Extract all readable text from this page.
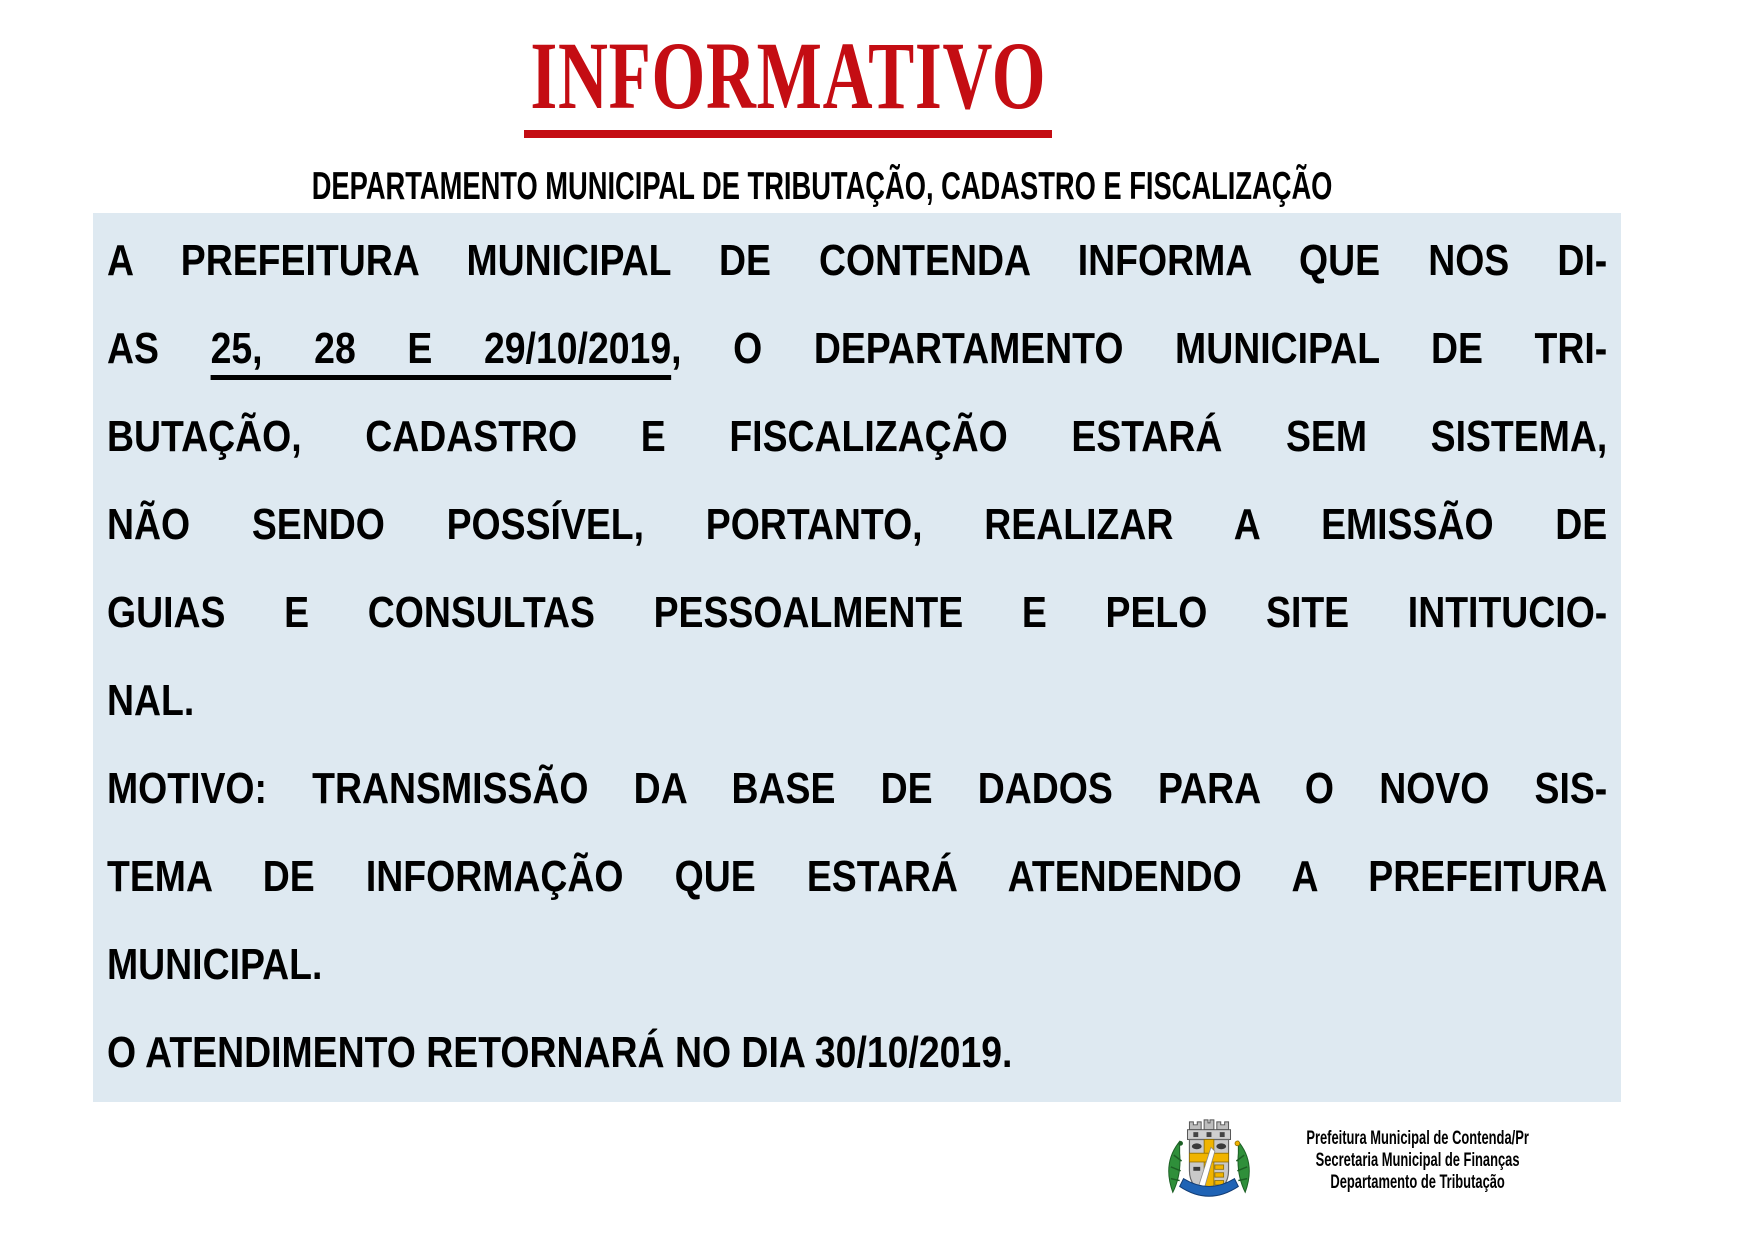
INFORMATIVO

DEPARTAMENTO MUNICIPAL DE TRIBUTAÇÃO, CADASTRO E FISCALIZAÇÃO

A PREFEITURA MUNICIPAL DE CONTENDA INFORMA QUE NOS DI-

AS 25, 28 E 29/10/2019, O DEPARTAMENTO MUNICIPAL DE TRI-

BUTAÇÃO, CADASTRO E FISCALIZAÇÃO ESTARÁ SEM SISTEMA,

NÃO SENDO POSSÍVEL, PORTANTO, REALIZAR A EMISSÃO DE

GUIAS E CONSULTAS PESSOALMENTE E PELO SITE INTITUCIO-

NAL.

MOTIVO: TRANSMISSÃO DA BASE DE DADOS PARA O NOVO SIS-

TEMA DE INFORMAÇÃO QUE ESTARÁ ATENDENDO A PREFEITURA

MUNICIPAL.

O ATENDIMENTO RETORNARÁ NO DIA 30/10/2019.

Prefeitura Municipal de Contenda/Pr
Secretaria Municipal de Finanças
Departamento de Tributação
